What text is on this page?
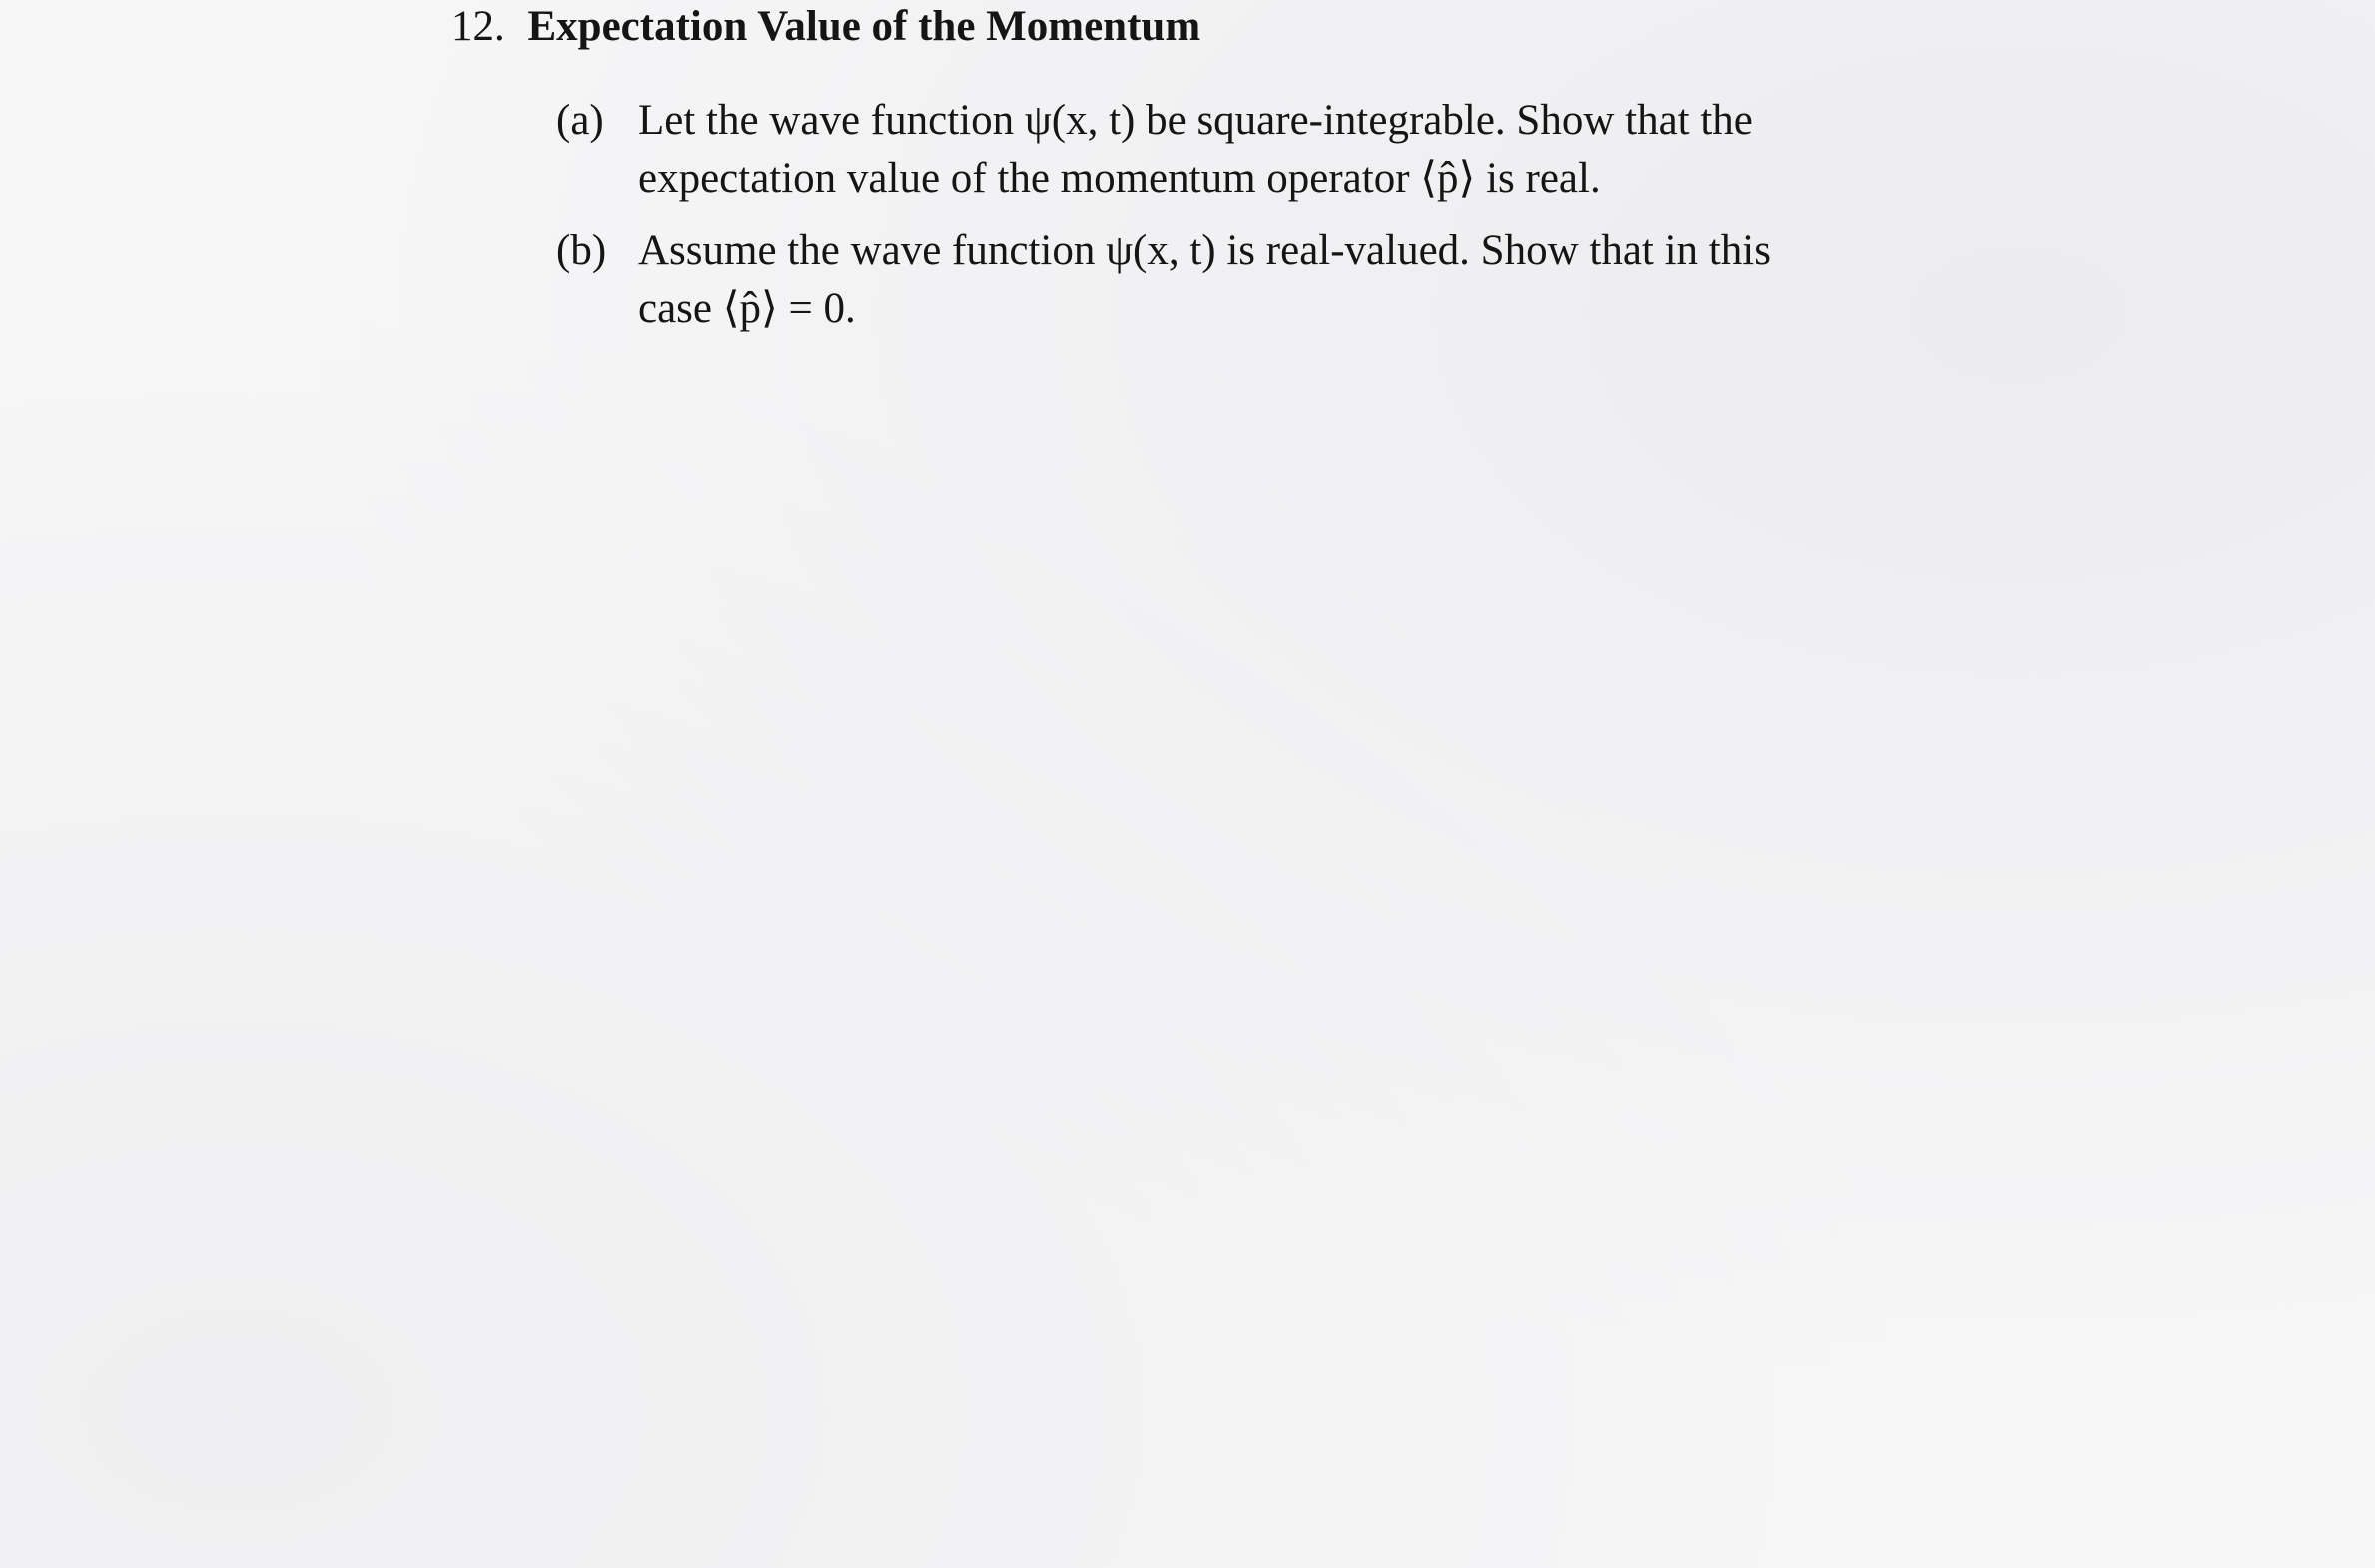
12. Expectation Value of the Momentum
(a) Let the wave function ψ(x, t) be square-integrable. Show that the
expectation value of the momentum operator ⟨p̂⟩ is real.
(b) Assume the wave function ψ(x, t) is real-valued. Show that in this
case ⟨p̂⟩ = 0.
